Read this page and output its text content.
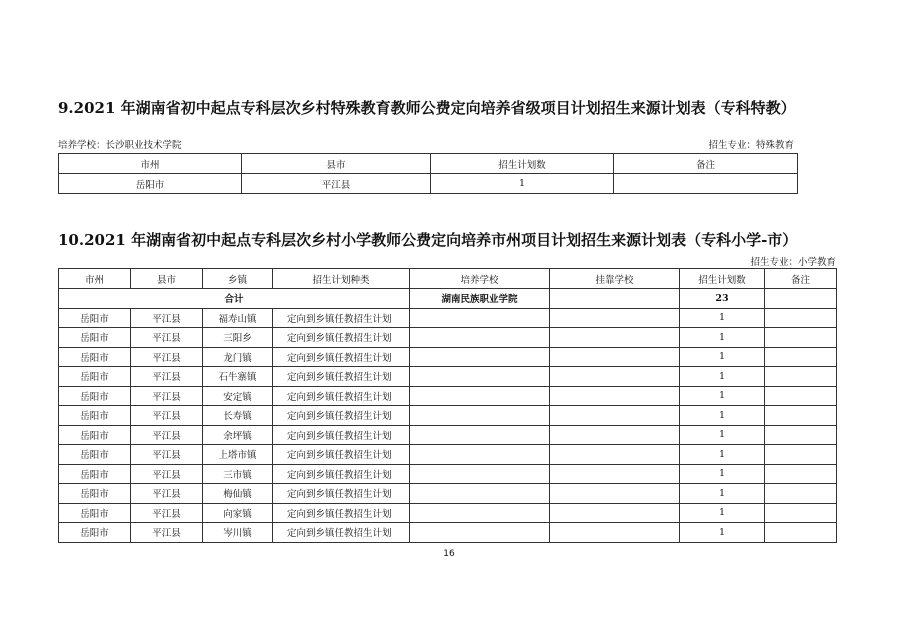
9.2021 年湖南省初中起点专科层次乡村特殊教育教师公费定向培养省级项目计划招生来源计划表（专科特教）
培养学校：长沙职业技术学院	招生专业：特殊教育
市州	县市	招生计划数	备注
岳阳市	平江县	1	
10.2021 年湖南省初中起点专科层次乡村小学教师公费定向培养市州项目计划招生来源计划表（专科小学-市）
招生专业：小学教育
市州	县市	乡镇	招生计划种类	培养学校	挂靠学校	招生计划数	备注
合计				湖南民族职业学院		23	
岳阳市	平江县	福寿山镇	定向到乡镇任教招生计划			1	
岳阳市	平江县	三阳乡	定向到乡镇任教招生计划			1	
岳阳市	平江县	龙门镇	定向到乡镇任教招生计划			1	
岳阳市	平江县	石牛寨镇	定向到乡镇任教招生计划			1	
岳阳市	平江县	安定镇	定向到乡镇任教招生计划			1	
岳阳市	平江县	长寿镇	定向到乡镇任教招生计划			1	
岳阳市	平江县	余坪镇	定向到乡镇任教招生计划			1	
岳阳市	平江县	上塔市镇	定向到乡镇任教招生计划			1	
岳阳市	平江县	三市镇	定向到乡镇任教招生计划			1	
岳阳市	平江县	梅仙镇	定向到乡镇任教招生计划			1	
岳阳市	平江县	向家镇	定向到乡镇任教招生计划			1	
岳阳市	平江县	岑川镇	定向到乡镇任教招生计划			1	
16
